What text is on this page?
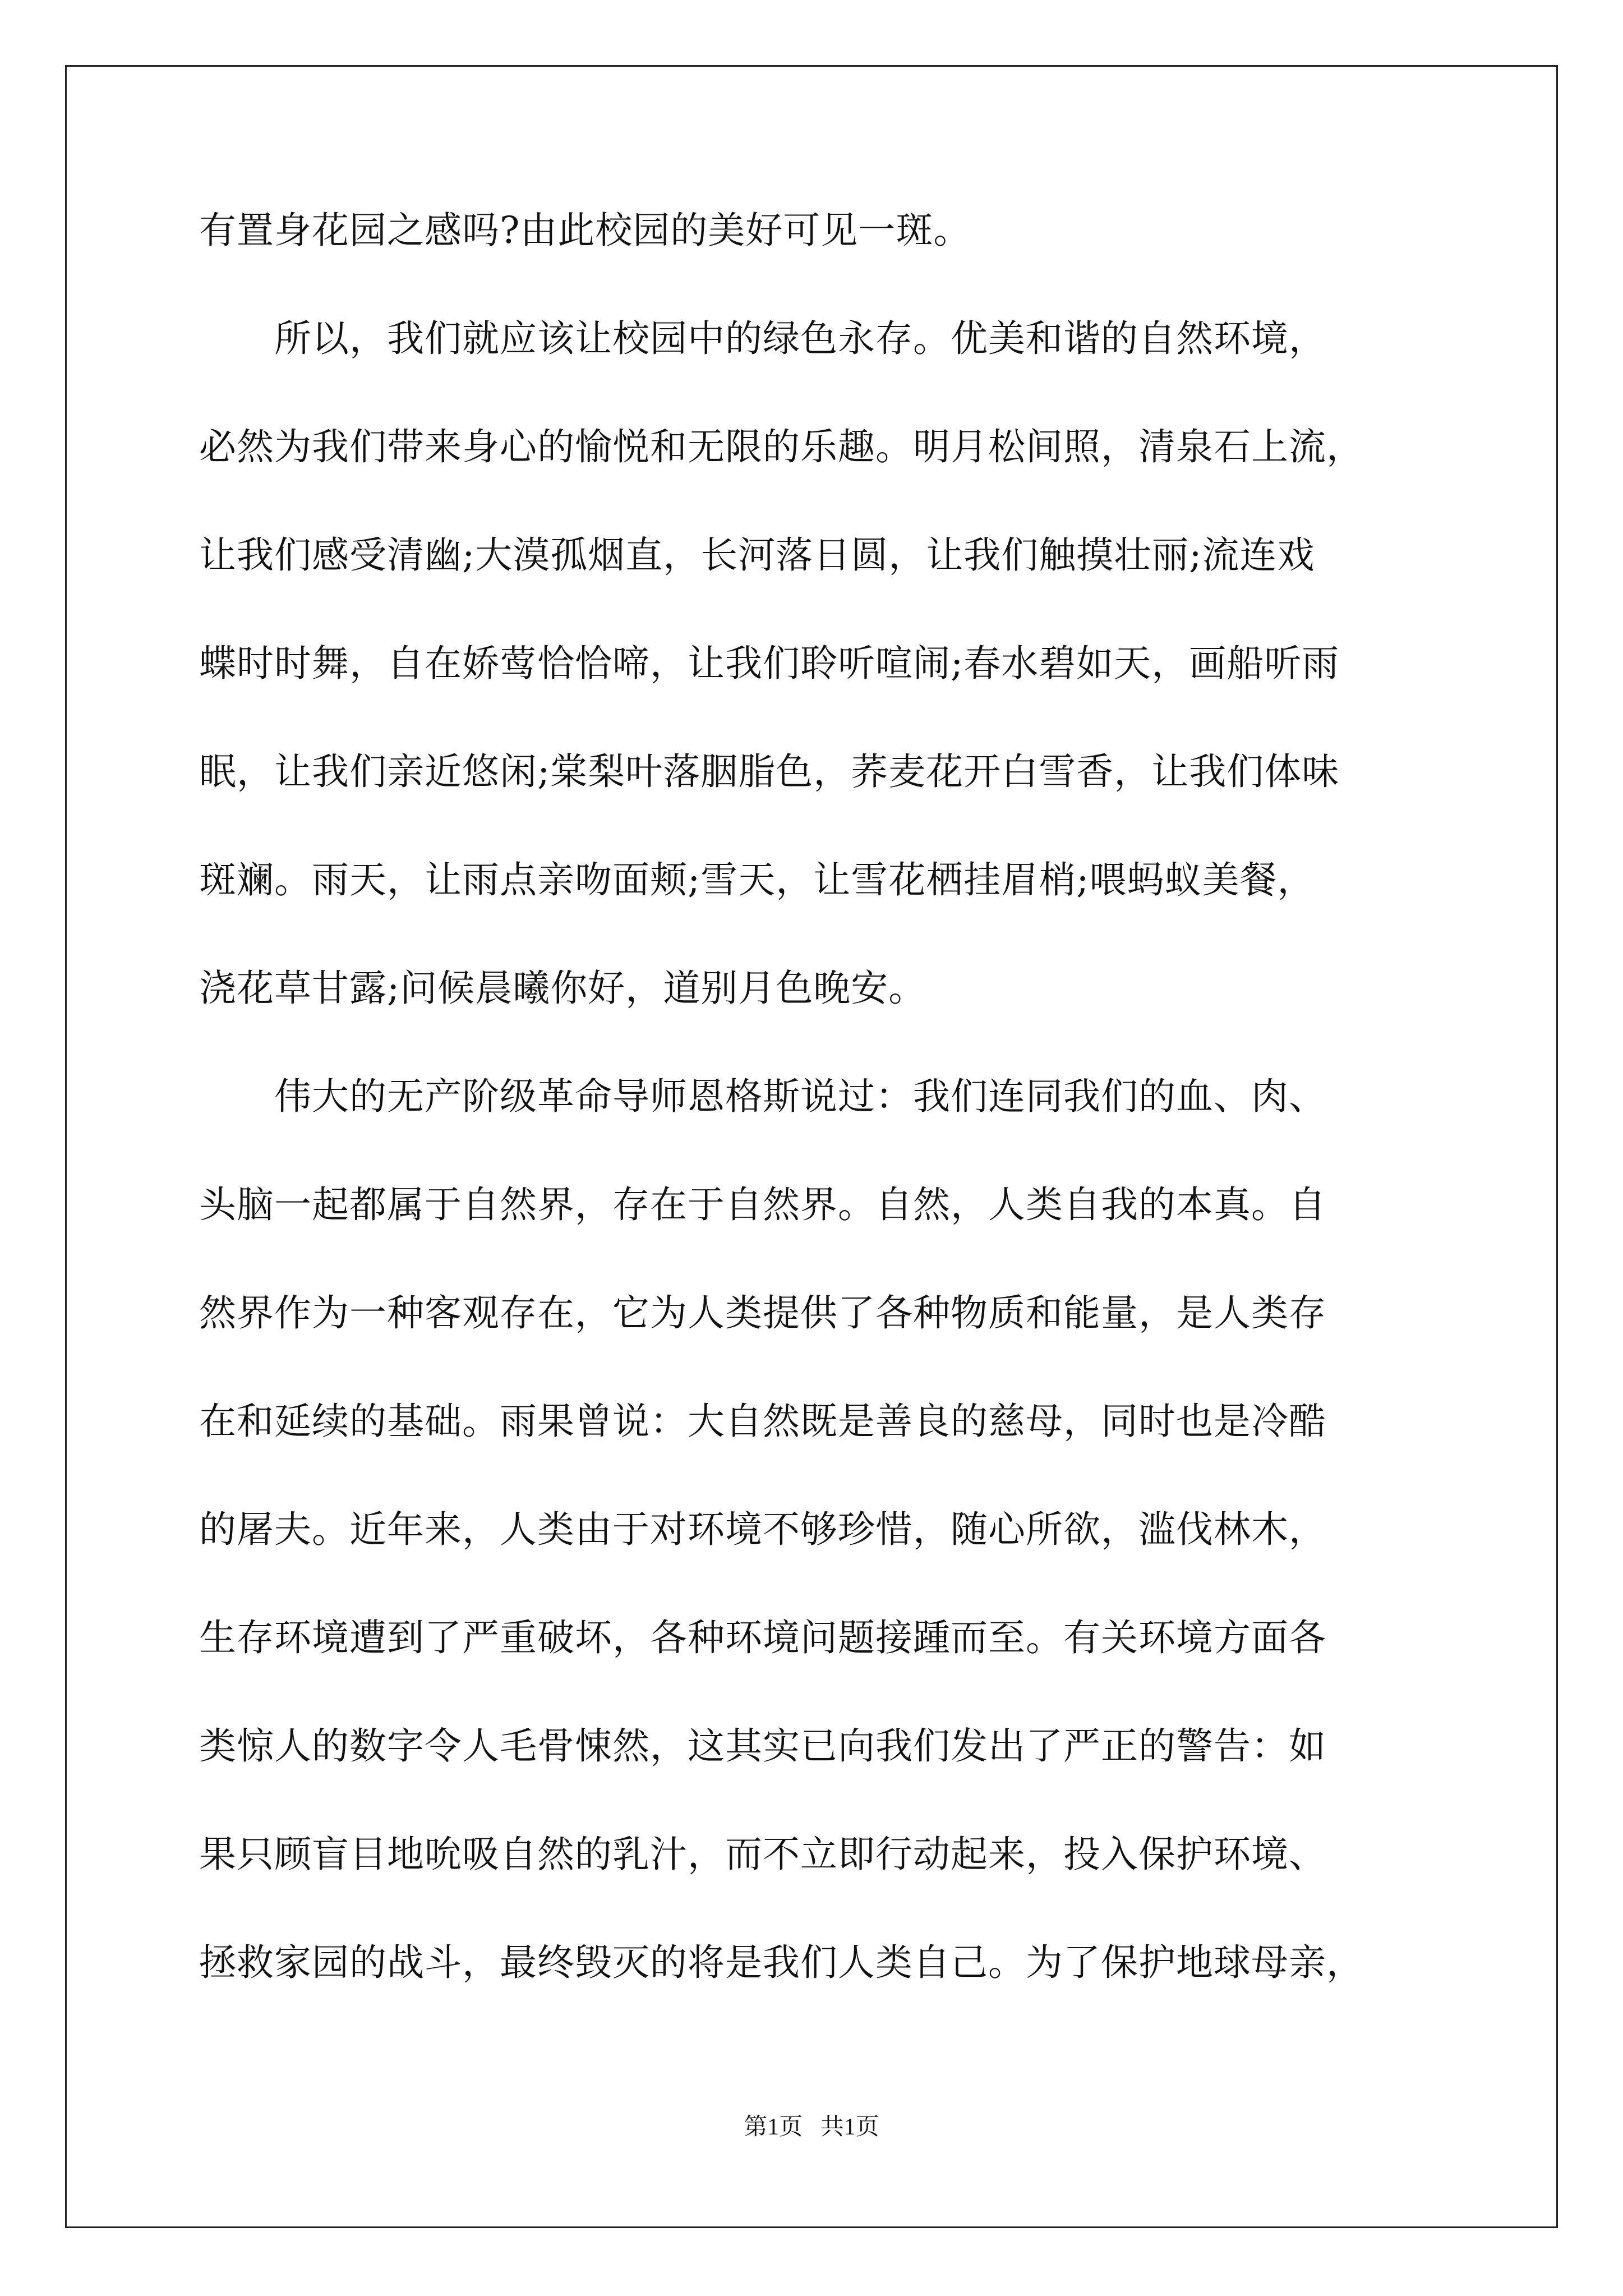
有置身花园之感吗?由此校园的美好可见一斑。
　　所以，我们就应该让校园中的绿色永存。优美和谐的自然环境，
必然为我们带来身心的愉悦和无限的乐趣。明月松间照，清泉石上流，
让我们感受清幽;大漠孤烟直，长河落日圆，让我们触摸壮丽;流连戏
蝶时时舞，自在娇莺恰恰啼，让我们聆听喧闹;春水碧如天，画船听雨
眠，让我们亲近悠闲;棠梨叶落胭脂色，荞麦花开白雪香，让我们体味
斑斓。雨天，让雨点亲吻面颊;雪天，让雪花栖挂眉梢;喂蚂蚁美餐，
浇花草甘露;问候晨曦你好，道别月色晚安。
　　伟大的无产阶级革命导师恩格斯说过：我们连同我们的血、肉、
头脑一起都属于自然界，存在于自然界。自然，人类自我的本真。自
然界作为一种客观存在，它为人类提供了各种物质和能量，是人类存
在和延续的基础。雨果曾说：大自然既是善良的慈母，同时也是冷酷
的屠夫。近年来，人类由于对环境不够珍惜，随心所欲，滥伐林木，
生存环境遭到了严重破坏，各种环境问题接踵而至。有关环境方面各
类惊人的数字令人毛骨悚然，这其实已向我们发出了严正的警告：如
果只顾盲目地吮吸自然的乳汁，而不立即行动起来，投入保护环境、
拯救家园的战斗，最终毁灭的将是我们人类自己。为了保护地球母亲，
第1页   共1页
